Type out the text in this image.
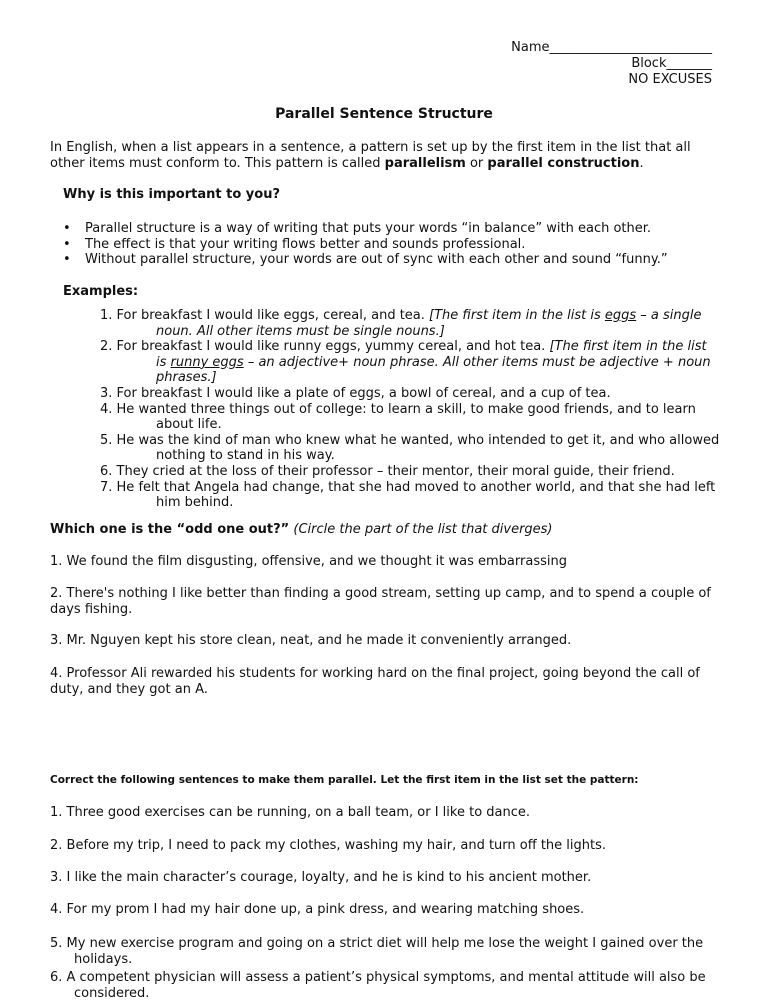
Name_________________________
Block_______
NO EXCUSES
Parallel Sentence Structure
In English, when a list appears in a sentence, a pattern is set up by the first item in the list that all other items must conform to. This pattern is called parallelism or parallel construction.
Why is this important to you?
• Parallel structure is a way of writing that puts your words “in balance” with each other.
• The effect is that your writing flows better and sounds professional.
• Without parallel structure, your words are out of sync with each other and sound “funny.”
Examples:
1. For breakfast I would like eggs, cereal, and tea. [The first item in the list is eggs – a single noun. All other items must be single nouns.]
2. For breakfast I would like runny eggs, yummy cereal, and hot tea. [The first item in the list is runny eggs – an adjective+ noun phrase. All other items must be adjective + noun phrases.]
3. For breakfast I would like a plate of eggs, a bowl of cereal, and a cup of tea.
4. He wanted three things out of college: to learn a skill, to make good friends, and to learn about life.
5. He was the kind of man who knew what he wanted, who intended to get it, and who allowed nothing to stand in his way.
6. They cried at the loss of their professor – their mentor, their moral guide, their friend.
7. He felt that Angela had change, that she had moved to another world, and that she had left him behind.
Which one is the “odd one out?” (Circle the part of the list that diverges)
1. We found the film disgusting, offensive, and we thought it was embarrassing
2. There's nothing I like better than finding a good stream, setting up camp, and to spend a couple of days fishing.
3. Mr. Nguyen kept his store clean, neat, and he made it conveniently arranged.
4. Professor Ali rewarded his students for working hard on the final project, going beyond the call of duty, and they got an A.
Correct the following sentences to make them parallel. Let the first item in the list set the pattern:
1. Three good exercises can be running, on a ball team, or I like to dance.
2. Before my trip, I need to pack my clothes, washing my hair, and turn off the lights.
3. I like the main character’s courage, loyalty, and he is kind to his ancient mother.
4. For my prom I had my hair done up, a pink dress, and wearing matching shoes.
5. My new exercise program and going on a strict diet will help me lose the weight I gained over the holidays.
6. A competent physician will assess a patient’s physical symptoms, and mental attitude will also be considered.
